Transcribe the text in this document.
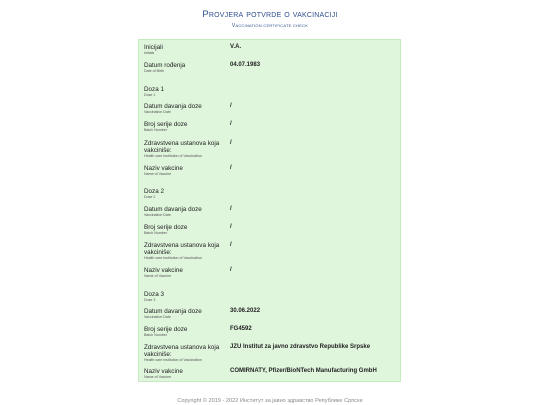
Provjera potvrde o vakcinaciji
Vaccination certificate check
Inicijali
Initials
V.A.
Datum rođenja
Date of Birth
04.07.1983
Doza 1
Dose 1
Datum davanja doze
Vaccination Date
/
Broj serije doze
Batch Number
/
Zdravstvena ustanova koja vakciniše:
Health care institution of Vaccination
/
Naziv vakcine
Name of Vaccine
/
Doza 2
Dose 2
Datum davanja doze
Vaccination Date
/
Broj serije doze
Batch Number
/
Zdravstvena ustanova koja vakciniše:
Health care institution of Vaccination
/
Naziv vakcine
Name of Vaccine
/
Doza 3
Dose 3
Datum davanja doze
Vaccination Date
30.06.2022
Broj serije doze
Batch Number
FG4592
Zdravstvena ustanova koja vakciniše:
Health care institution of Vaccination
JZU Institut za javno zdravstvo Republike Srpske
Naziv vakcine
Name of Vaccine
COMIRNATY, Pfizer/BioNTech Manufacturing GmbH
Copyright © 2019 - 2022 Институт за јавно здравство Републике Српске
